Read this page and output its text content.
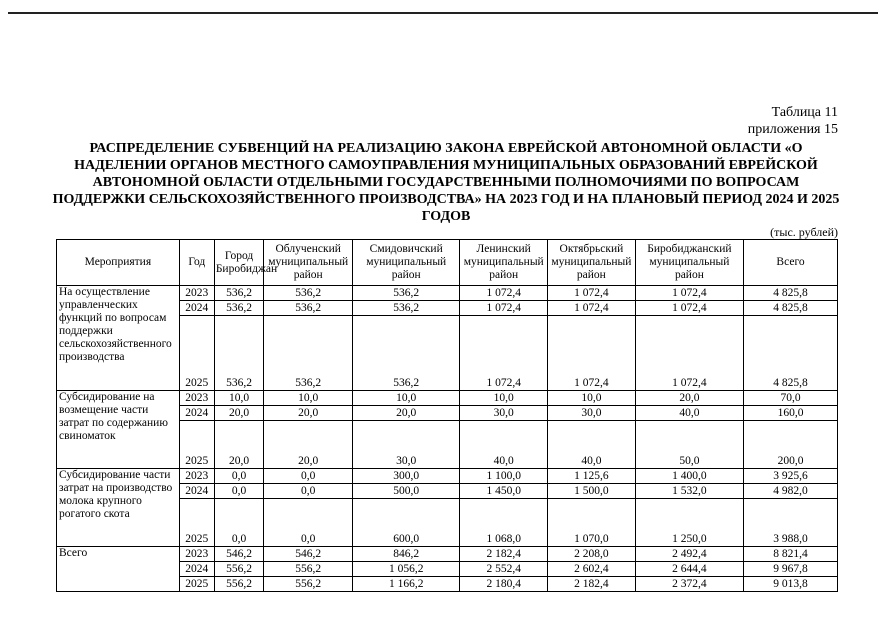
Таблица 11
приложения 15
РАСПРЕДЕЛЕНИЕ СУБВЕНЦИЙ НА РЕАЛИЗАЦИЮ ЗАКОНА ЕВРЕЙСКОЙ АВТОНОМНОЙ ОБЛАСТИ «О НАДЕЛЕНИИ ОРГАНОВ МЕСТНОГО САМОУПРАВЛЕНИЯ МУНИЦИПАЛЬНЫХ ОБРАЗОВАНИЙ ЕВРЕЙСКОЙ АВТОНОМНОЙ ОБЛАСТИ ОТДЕЛЬНЫМИ ГОСУДАРСТВЕННЫМИ ПОЛНОМОЧИЯМИ ПО ВОПРОСАМ ПОДДЕРЖКИ СЕЛЬСКОХОЗЯЙСТВЕННОГО ПРОИЗВОДСТВА» НА 2023 ГОД И НА ПЛАНОВЫЙ ПЕРИОД 2024 И 2025 ГОДОВ
(тыс. рублей)
Мероприятия	Год	Город Биробиджан	Облученский муниципальный район	Смидовичский муниципальный район	Ленинский муниципальный район	Октябрьский муниципальный район	Биробиджанский муниципальный район	Всего
На осуществление управленческих функций по вопросам поддержки сельскохозяйственного производства	2023	536,2	536,2	536,2	1 072,4	1 072,4	1 072,4	4 825,8
	2024	536,2	536,2	536,2	1 072,4	1 072,4	1 072,4	4 825,8
	2025	536,2	536,2	536,2	1 072,4	1 072,4	1 072,4	4 825,8
Субсидирование на возмещение части затрат по содержанию свиноматок	2023	10,0	10,0	10,0	10,0	10,0	20,0	70,0
	2024	20,0	20,0	20,0	30,0	30,0	40,0	160,0
	2025	20,0	20,0	30,0	40,0	40,0	50,0	200,0
Субсидирование части затрат на производство молока крупного рогатого скота	2023	0,0	0,0	300,0	1 100,0	1 125,6	1 400,0	3 925,6
	2024	0,0	0,0	500,0	1 450,0	1 500,0	1 532,0	4 982,0
	2025	0,0	0,0	600,0	1 068,0	1 070,0	1 250,0	3 988,0
Всего	2023	546,2	546,2	846,2	2 182,4	2 208,0	2 492,4	8 821,4
	2024	556,2	556,2	1 056,2	2 552,4	2 602,4	2 644,4	9 967,8
	2025	556,2	556,2	1 166,2	2 180,4	2 182,4	2 372,4	9 013,8
